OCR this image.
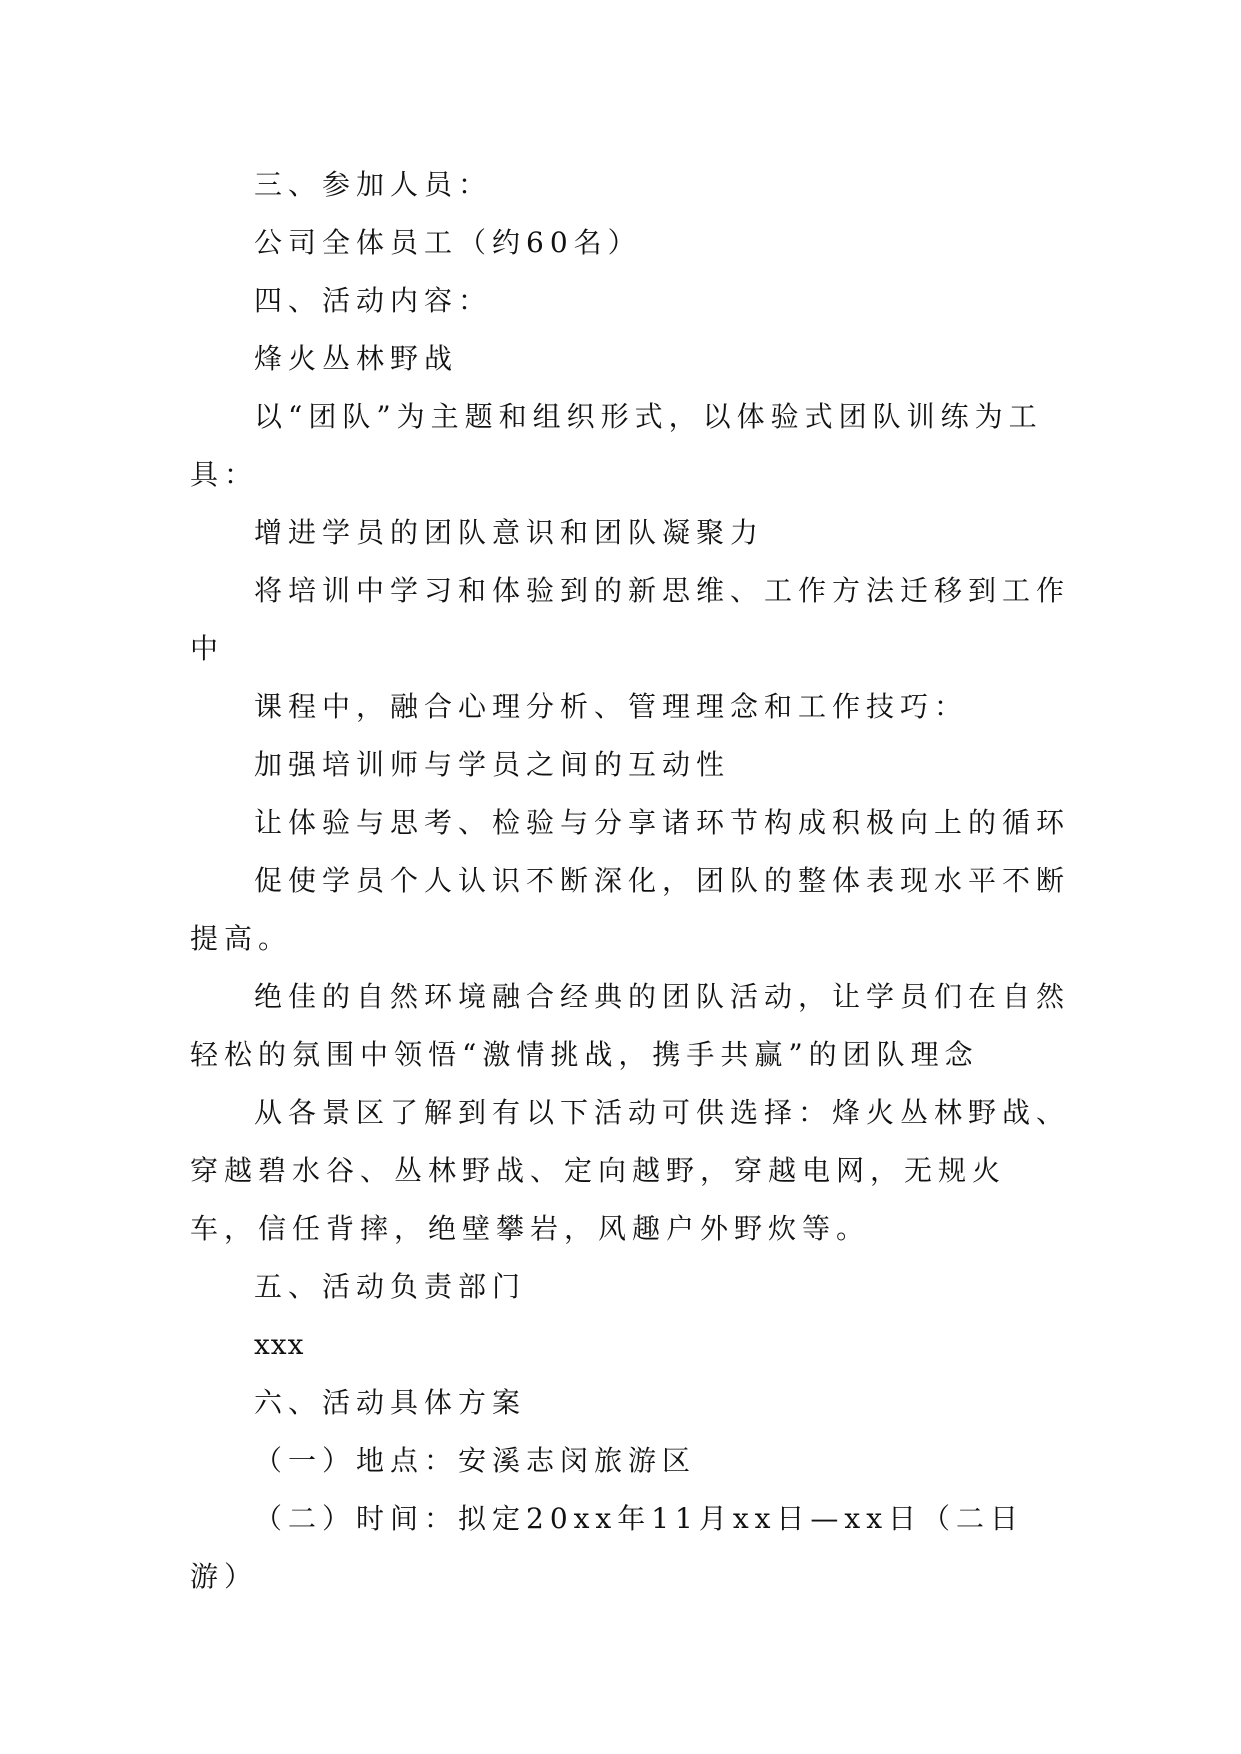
三、参加人员：

公司全体员工（约60名）

四、活动内容：

烽火丛林野战

以“团队”为主题和组织形式，以体验式团队训练为工具：

增进学员的团队意识和团队凝聚力

将培训中学习和体验到的新思维、工作方法迁移到工作中

课程中，融合心理分析、管理理念和工作技巧：

加强培训师与学员之间的互动性

让体验与思考、检验与分享诸环节构成积极向上的循环

促使学员个人认识不断深化，团队的整体表现水平不断提高。

绝佳的自然环境融合经典的团队活动，让学员们在自然轻松的氛围中领悟“激情挑战，携手共赢”的团队理念

从各景区了解到有以下活动可供选择：烽火丛林野战、穿越碧水谷、丛林野战、定向越野，穿越电网，无规火车，信任背摔，绝壁攀岩，风趣户外野炊等。

五、活动负责部门

xxx

六、活动具体方案

（一）地点：安溪志闵旅游区

（二）时间：拟定20xx年11月xx日—xx日（二日游）
